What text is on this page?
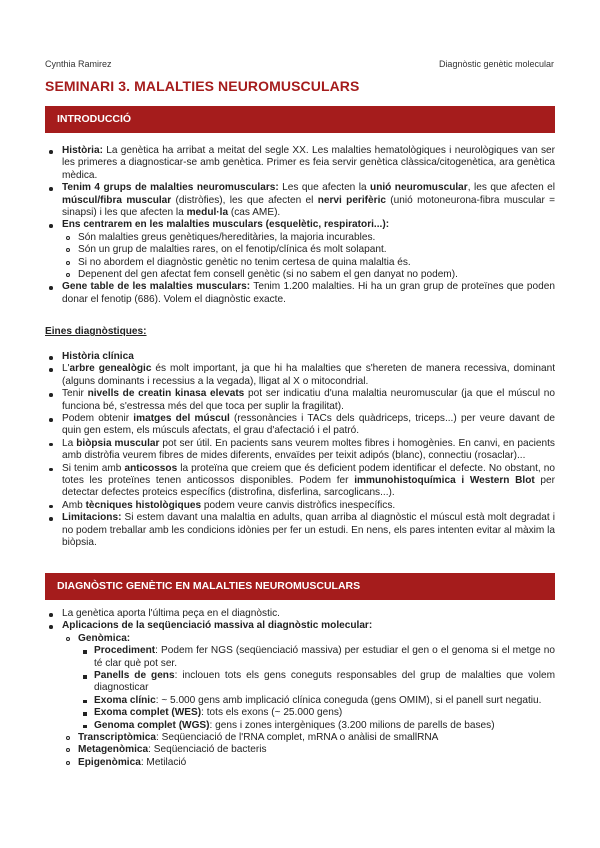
Cynthia Ramirez	Diagnòstic genètic molecular
SEMINARI 3. MALALTIES NEUROMUSCULARS
INTRODUCCIÓ
Història: La genètica ha arribat a meitat del segle XX. Les malalties hematològiques i neurològiques van ser les primeres a diagnosticar-se amb genètica. Primer es feia servir genètica clàssica/citogenètica, ara genètica mèdica.
Tenim 4 grups de malalties neuromusculars: Les que afecten la unió neuromuscular, les que afecten el múscul/fibra muscular (distròfies), les que afecten el nervi perifèric (unió motoneurona-fibra muscular = sinapsi) i les que afecten la medul·la (cas AME).
Ens centrarem en les malalties musculars (esquelètic, respiratori...):
Són malalties greus genètiques/hereditàries, la majoria incurables.
Són un grup de malalties rares, on el fenotip/clínica és molt solapant.
Si no abordem el diagnòstic genètic no tenim certesa de quina malaltia és.
Depenent del gen afectat fem consell genètic (si no sabem el gen danyat no podem).
Gene table de les malalties musculars: Tenim 1.200 malalties. Hi ha un gran grup de proteïnes que poden donar el fenotip (686). Volem el diagnòstic exacte.
Eines diagnòstiques:
Història clínica
L'arbre genealògic és molt important, ja que hi ha malalties que s'hereten de manera recessiva, dominant (alguns dominants i recessius a la vegada), lligat al X o mitocondrial.
Tenir nivells de creatin kinasa elevats pot ser indicatiu d'una malaltia neuromuscular (ja que el múscul no funciona bé, s'estressa més del que toca per suplir la fragilitat).
Podem obtenir imatges del múscul (ressonàncies i TACs dels quàdriceps, triceps...) per veure davant de quin gen estem, els músculs afectats, el grau d'afectació i el patró.
La biòpsia muscular pot ser útil. En pacients sans veurem moltes fibres i homogènies. En canvi, en pacients amb distròfia veurem fibres de mides diferents, envaïdes per teixit adipós (blanc), connectiu (rosaclar)...
Si tenim amb anticossos la proteïna que creiem que és deficient podem identificar el defecte. No obstant, no totes les proteïnes tenen anticossos disponibles. Podem fer immunohistoquímica i Western Blot per detectar defectes proteics específics (distrofina, disferlina, sarcoglicans...).
Amb tècniques histològiques podem veure canvis distròfics inespecífics.
Limitacions: Si estem davant una malaltia en adults, quan arriba al diagnòstic el múscul està molt degradat i no podem treballar amb les condicions idònies per fer un estudi. En nens, els pares intenten evitar al màxim la biòpsia.
DIAGNÒSTIC GENÈTIC EN MALALTIES NEUROMUSCULARS
La genètica aporta l'última peça en el diagnòstic.
Aplicacions de la seqüenciació massiva al diagnòstic molecular:
Genòmica:
Procediment: Podem fer NGS (seqüenciació massiva) per estudiar el gen o el genoma si el metge no té clar què pot ser.
Panells de gens: inclouen tots els gens coneguts responsables del grup de malalties que volem diagnosticar
Exoma clínic: ~ 5.000 gens amb implicació clínica coneguda (gens OMIM), si el panell surt negatiu.
Exoma complet (WES): tots els exons (~ 25.000 gens)
Genoma complet (WGS): gens i zones intergèniques (3.200 milions de parells de bases)
Transcriptòmica: Seqüenciació de l'RNA complet, mRNA o anàlisi de smallRNA
Metagenòmica: Seqüenciació de bacteris
Epigenòmica: Metilació
